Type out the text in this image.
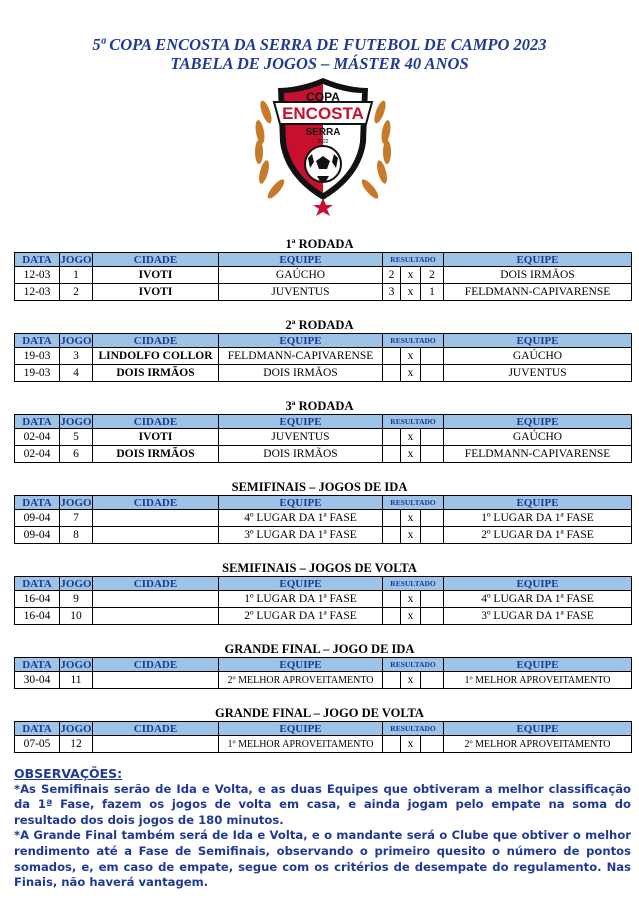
5ª COPA ENCOSTA DA SERRA DE FUTEBOL DE CAMPO 2023
TABELA DE JOGOS – MÁSTER 40 ANOS
COPA
ENCOSTA
SERRA
2022
1ª RODADA
DATA	JOGO	CIDADE	EQUIPE	RESULTADO			EQUIPE
12-03	1	IVOTI	GAÚCHO	2	x	2	DOIS IRMÃOS
12-03	2	IVOTI	JUVENTUS	3	x	1	FELDMANN-CAPIVARENSE
2ª RODADA
DATA	JOGO	CIDADE	EQUIPE	RESULTADO			EQUIPE
19-03	3	LINDOLFO COLLOR	FELDMANN-CAPIVARENSE		x		GAÚCHO
19-03	4	DOIS IRMÃOS	DOIS IRMÃOS		x		JUVENTUS
3ª RODADA
DATA	JOGO	CIDADE	EQUIPE	RESULTADO			EQUIPE
02-04	5	IVOTI	JUVENTUS		x		GAÚCHO
02-04	6	DOIS IRMÃOS	DOIS IRMÃOS		x		FELDMANN-CAPIVARENSE
SEMIFINAIS – JOGOS DE IDA
DATA	JOGO	CIDADE	EQUIPE	RESULTADO			EQUIPE
09-04	7		4º LUGAR DA 1ª FASE		x		1º LUGAR DA 1ª FASE
09-04	8		3º LUGAR DA 1ª FASE		x		2º LUGAR DA 1ª FASE
SEMIFINAIS – JOGOS DE VOLTA
DATA	JOGO	CIDADE	EQUIPE	RESULTADO			EQUIPE
16-04	9		1º LUGAR DA 1ª FASE		x		4º LUGAR DA 1ª FASE
16-04	10		2º LUGAR DA 1ª FASE		x		3º LUGAR DA 1ª FASE
GRANDE FINAL – JOGO DE IDA
DATA	JOGO	CIDADE	EQUIPE	RESULTADO			EQUIPE
30-04	11		2º MELHOR APROVEITAMENTO		x		1º MELHOR APROVEITAMENTO
GRANDE FINAL – JOGO DE VOLTA
DATA	JOGO	CIDADE	EQUIPE	RESULTADO			EQUIPE
07-05	12		1º MELHOR APROVEITAMENTO		x		2º MELHOR APROVEITAMENTO
OBSERVAÇÕES:

*As Semifinais serão de Ida e Volta, e as duas Equipes que obtiveram a melhor classificação da 1ª Fase, fazem os jogos de volta em casa, e ainda jogam pelo empate na soma do resultado dos dois jogos de 180 minutos.

*A Grande Final também será de Ida e Volta, e o mandante será o Clube que obtiver o melhor rendimento até a Fase de Semifinais, observando o primeiro quesito o número de pontos somados, e, em caso de empate, segue com os critérios de desempate do regulamento. Nas Finais, não haverá vantagem.
